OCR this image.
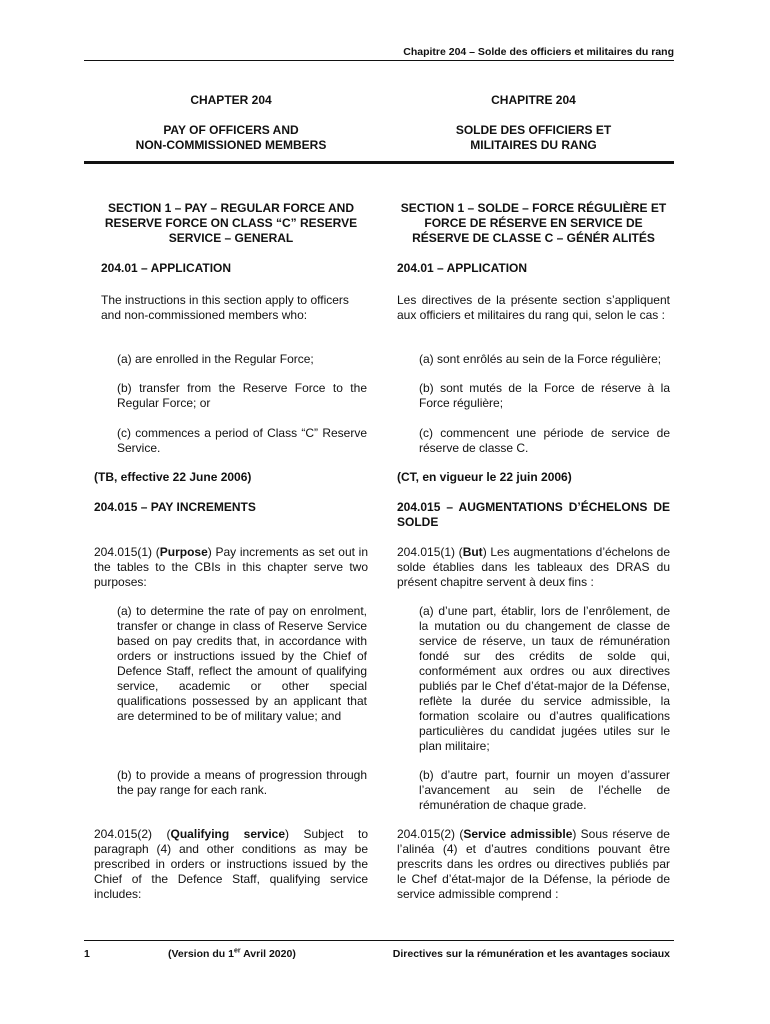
Chapitre 204 – Solde des officiers et militaires du rang
CHAPTER 204
PAY OF OFFICERS AND
NON-COMMISSIONED MEMBERS
CHAPITRE 204
SOLDE DES OFFICIERS ET
MILITAIRES DU RANG
SECTION 1 – PAY – REGULAR FORCE AND RESERVE FORCE ON CLASS “C” RESERVE SERVICE – GENERAL
204.01 – APPLICATION
The instructions in this section apply to officers and non-commissioned members who:
(a) are enrolled in the Regular Force;
(b) transfer from the Reserve Force to the Regular Force; or
(c) commences a period of Class “C” Reserve Service.
(TB, effective 22 June 2006)
204.015 – PAY INCREMENTS
204.015(1) (Purpose) Pay increments as set out in the tables to the CBIs in this chapter serve two purposes:
(a) to determine the rate of pay on enrolment, transfer or change in class of Reserve Service based on pay credits that, in accordance with orders or instructions issued by the Chief of Defence Staff, reflect the amount of qualifying service, academic or other special qualifications possessed by an applicant that are determined to be of military value; and
(b) to provide a means of progression through the pay range for each rank.
204.015(2) (Qualifying service) Subject to paragraph (4) and other conditions as may be prescribed in orders or instructions issued by the Chief of the Defence Staff, qualifying service includes:
SECTION 1 – SOLDE – FORCE RÉGULIÈRE ET FORCE DE RÉSERVE EN SERVICE DE RÉSERVE DE CLASSE C – GÉNÉR ALITÉS
204.01 – APPLICATION
Les directives de la présente section s’appliquent aux officiers et militaires du rang qui, selon le cas :
(a) sont enrôlés au sein de la Force régulière;
(b) sont mutés de la Force de réserve à la Force régulière;
(c) commencent une période de service de réserve de classe C.
(CT, en vigueur le 22 juin 2006)
204.015 – AUGMENTATIONS D’ÉCHELONS DE SOLDE
204.015(1) (But) Les augmentations d’échelons de solde établies dans les tableaux des DRAS du présent chapitre servent à deux fins :
(a) d’une part, établir, lors de l’enrôlement, de la mutation ou du changement de classe de service de réserve, un taux de rémunération fondé sur des crédits de solde qui, conformément aux ordres ou aux directives publiés par le Chef d’état-major de la Défense, reflète la durée du service admissible, la formation scolaire ou d’autres qualifications particulières du candidat jugées utiles sur le plan militaire;
(b) d’autre part, fournir un moyen d’assurer l’avancement au sein de l’échelle de rémunération de chaque grade.
204.015(2) (Service admissible) Sous réserve de l’alinéa (4) et d’autres conditions pouvant être prescrits dans les ordres ou directives publiés par le Chef d’état-major de la Défense, la période de service admissible comprend :
1	(Version du 1er Avril 2020)	Directives sur la rémunération et les avantages sociaux
